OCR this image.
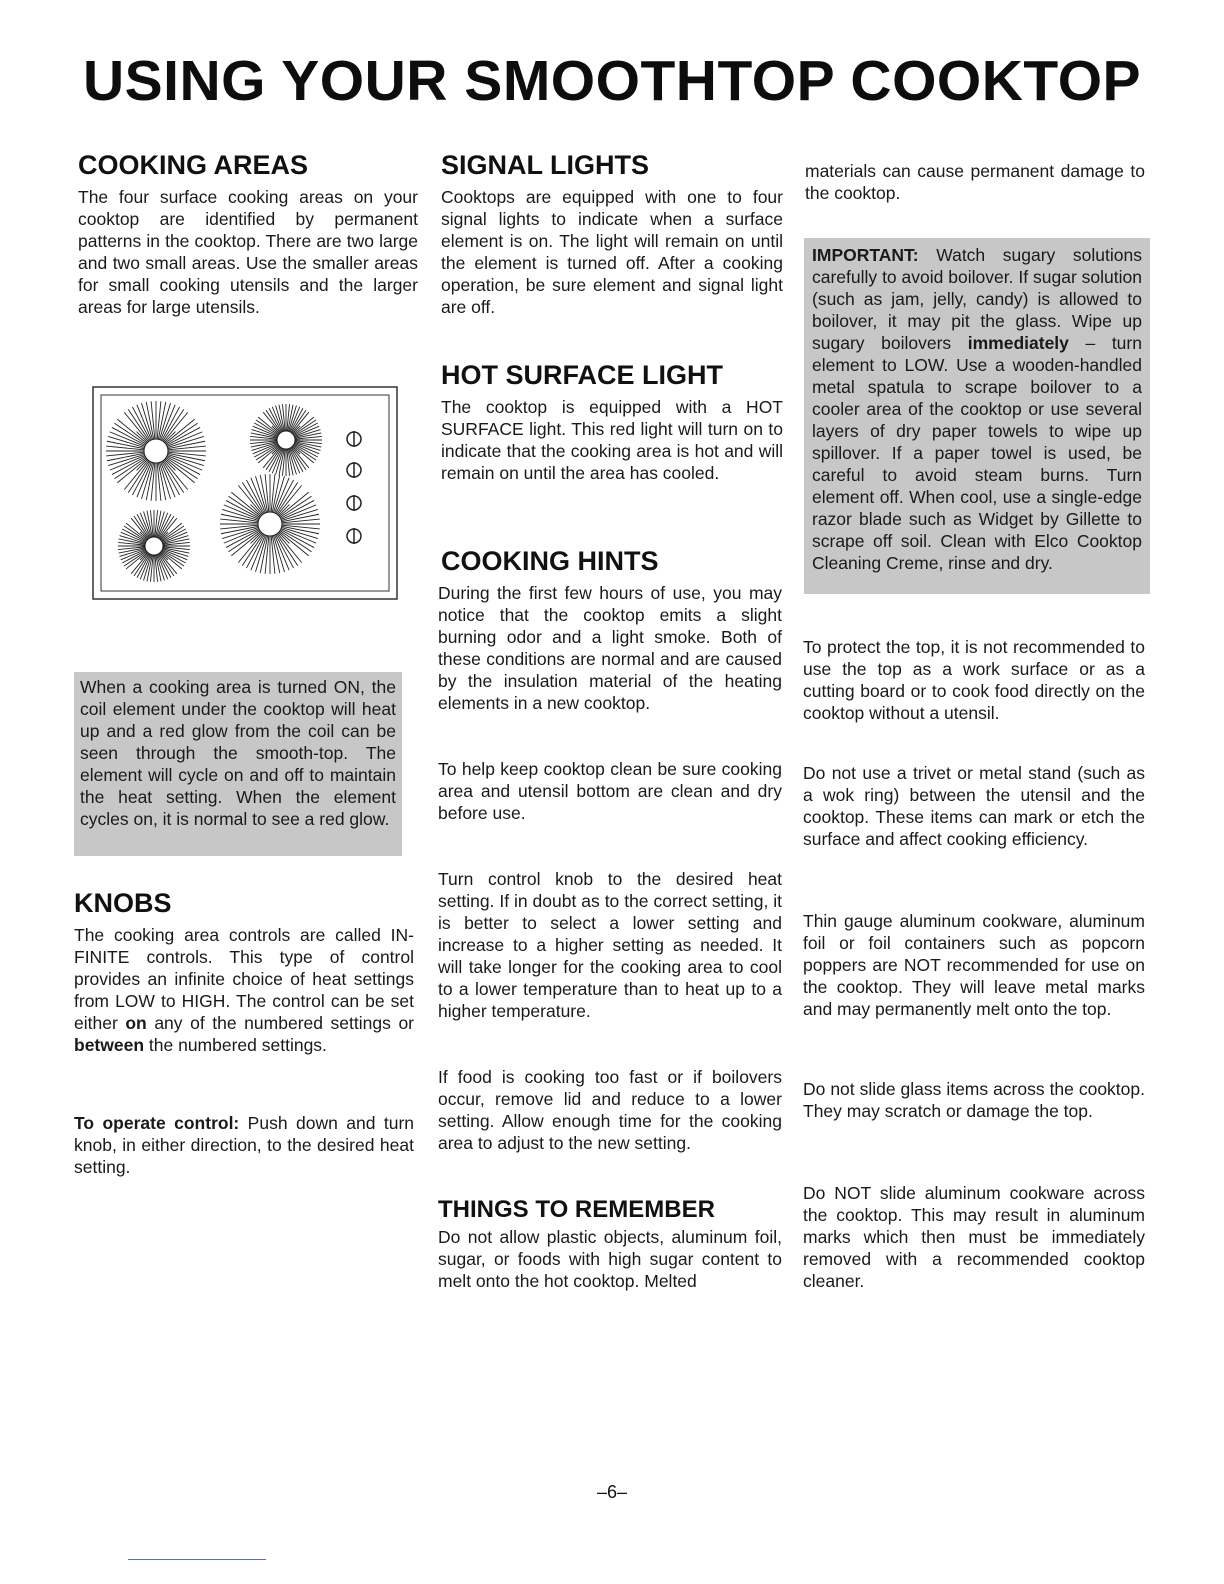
USING YOUR SMOOTHTOP COOKTOP
COOKING AREAS

The four surface cooking areas on your cooktop are identified by permanent patterns in the cooktop. There are two large and two small areas. Use the smaller areas for small cooking utensils and the larger areas for large utensils.

When a cooking area is turned ON, the coil element under the cooktop will heat up and a red glow from the coil can be seen through the smooth-top. The element will cycle on and off to maintain the heat setting. When the element cycles on, it is normal to see a red glow.
KNOBS

The cooking area controls are called IN-FINITE controls. This type of control provides an infinite choice of heat settings from LOW to HIGH. The control can be set either on any of the numbered settings or between the numbered settings.

To operate control: Push down and turn knob, in either direction, to the desired heat setting.

SIGNAL LIGHTS

Cooktops are equipped with one to four signal lights to indicate when a surface element is on. The light will remain on until the element is turned off. After a cooking operation, be sure element and signal light are off.

HOT SURFACE LIGHT

The cooktop is equipped with a HOT SURFACE light. This red light will turn on to indicate that the cooking area is hot and will remain on until the area has cooled.

COOKING HINTS

During the first few hours of use, you may notice that the cooktop emits a slight burning odor and a light smoke. Both of these conditions are normal and are caused by the insulation material of the heating elements in a new cooktop.

To help keep cooktop clean be sure cooking area and utensil bottom are clean and dry before use.

Turn control knob to the desired heat setting. If in doubt as to the correct setting, it is better to select a lower setting and increase to a higher setting as needed. It will take longer for the cooking area to cool to a lower temperature than to heat up to a higher temperature.

If food is cooking too fast or if boilovers occur, remove lid and reduce to a lower setting. Allow enough time for the cooking area to adjust to the new setting.

THINGS TO REMEMBER

Do not allow plastic objects, aluminum foil, sugar, or foods with high sugar content to melt onto the hot cooktop. Melted

materials can cause permanent damage to the cooktop.

IMPORTANT: Watch sugary solutions carefully to avoid boilover. If sugar solution (such as jam, jelly, candy) is allowed to boilover, it may pit the glass. Wipe up sugary boilovers immediately – turn element to LOW. Use a wooden-handled metal spatula to scrape boilover to a cooler area of the cooktop or use several layers of dry paper towels to wipe up spillover. If a paper towel is used, be careful to avoid steam burns. Turn element off. When cool, use a single-edge razor blade such as Widget by Gillette to scrape off soil. Clean with Elco Cooktop Cleaning Creme, rinse and dry.

To protect the top, it is not recommended to use the top as a work surface or as a cutting board or to cook food directly on the cooktop without a utensil.

Do not use a trivet or metal stand (such as a wok ring) between the utensil and the cooktop. These items can mark or etch the surface and affect cooking efficiency.

Thin gauge aluminum cookware, aluminum foil or foil containers such as popcorn poppers are NOT recommended for use on the cooktop. They will leave metal marks and may permanently melt onto the top.

Do not slide glass items across the cooktop. They may scratch or damage the top.

Do NOT slide aluminum cookware across the cooktop. This may result in aluminum marks which then must be immediately removed with a recommended cooktop cleaner.

–6–
